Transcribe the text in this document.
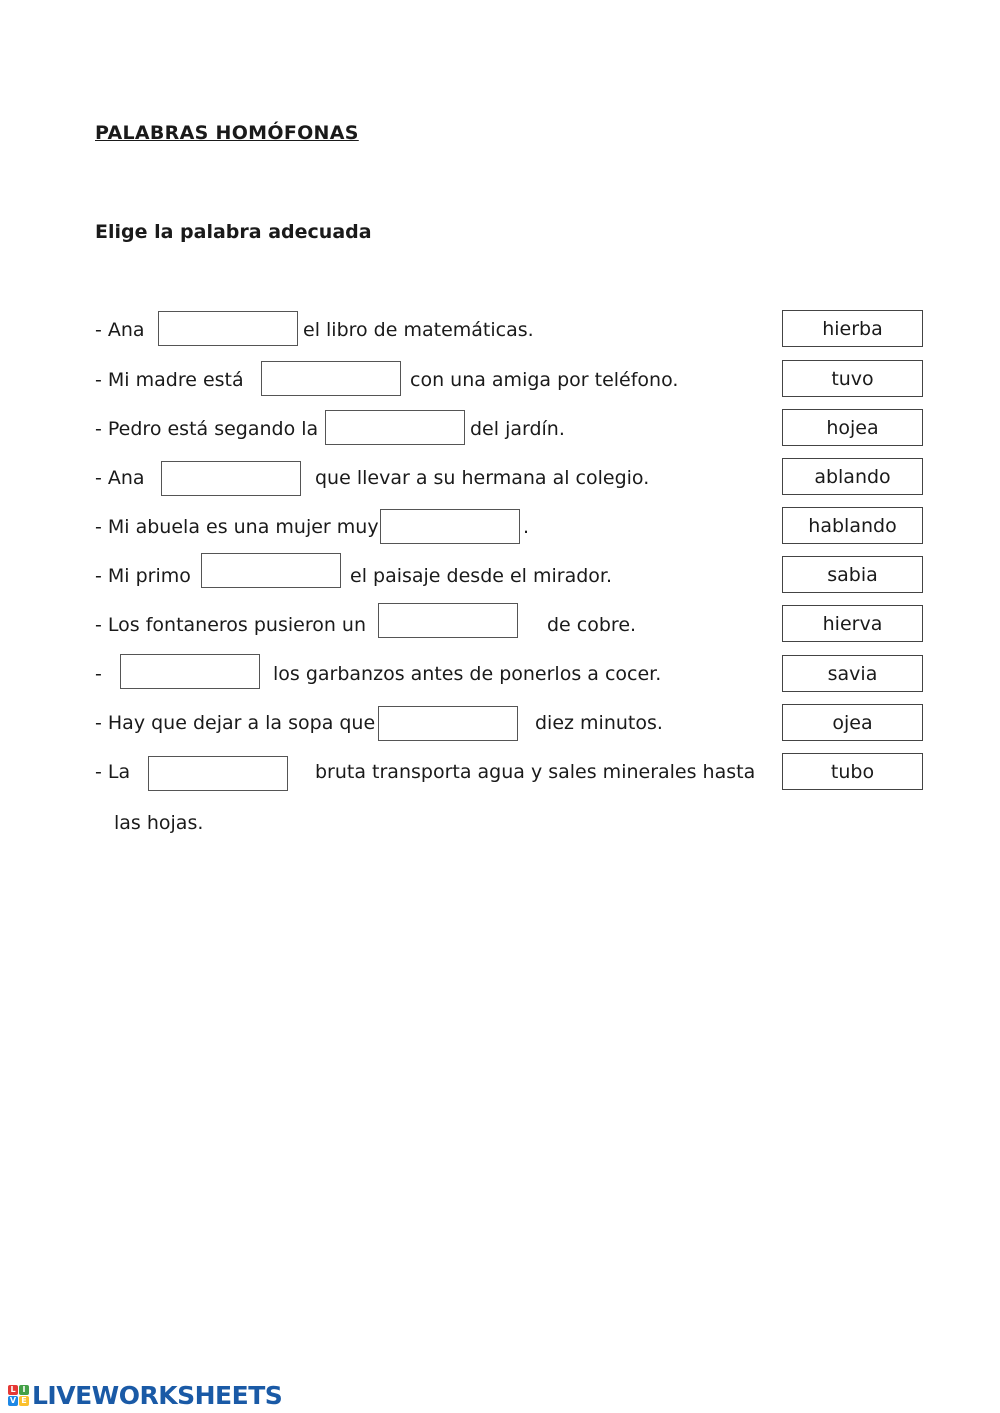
PALABRAS HOMÓFONAS
Elige la palabra adecuada
- Ana	el libro de matemáticas.
- Mi madre está	con una amiga por teléfono.
- Pedro está segando la	del jardín.
- Ana	que llevar a su hermana al colegio.
- Mi abuela es una mujer muy	.
- Mi primo	el paisaje desde el mirador.
- Los fontaneros pusieron un	de cobre.
-	los garbanzos antes de ponerlos a cocer.
- Hay que dejar a la sopa que	diez minutos.
- La	bruta transporta agua y sales minerales hasta
las hojas.
hierba
tuvo
hojea
ablando
hablando
sabia
hierva
savia
ojea
tubo
L I
V E LIVEWORKSHEETS
